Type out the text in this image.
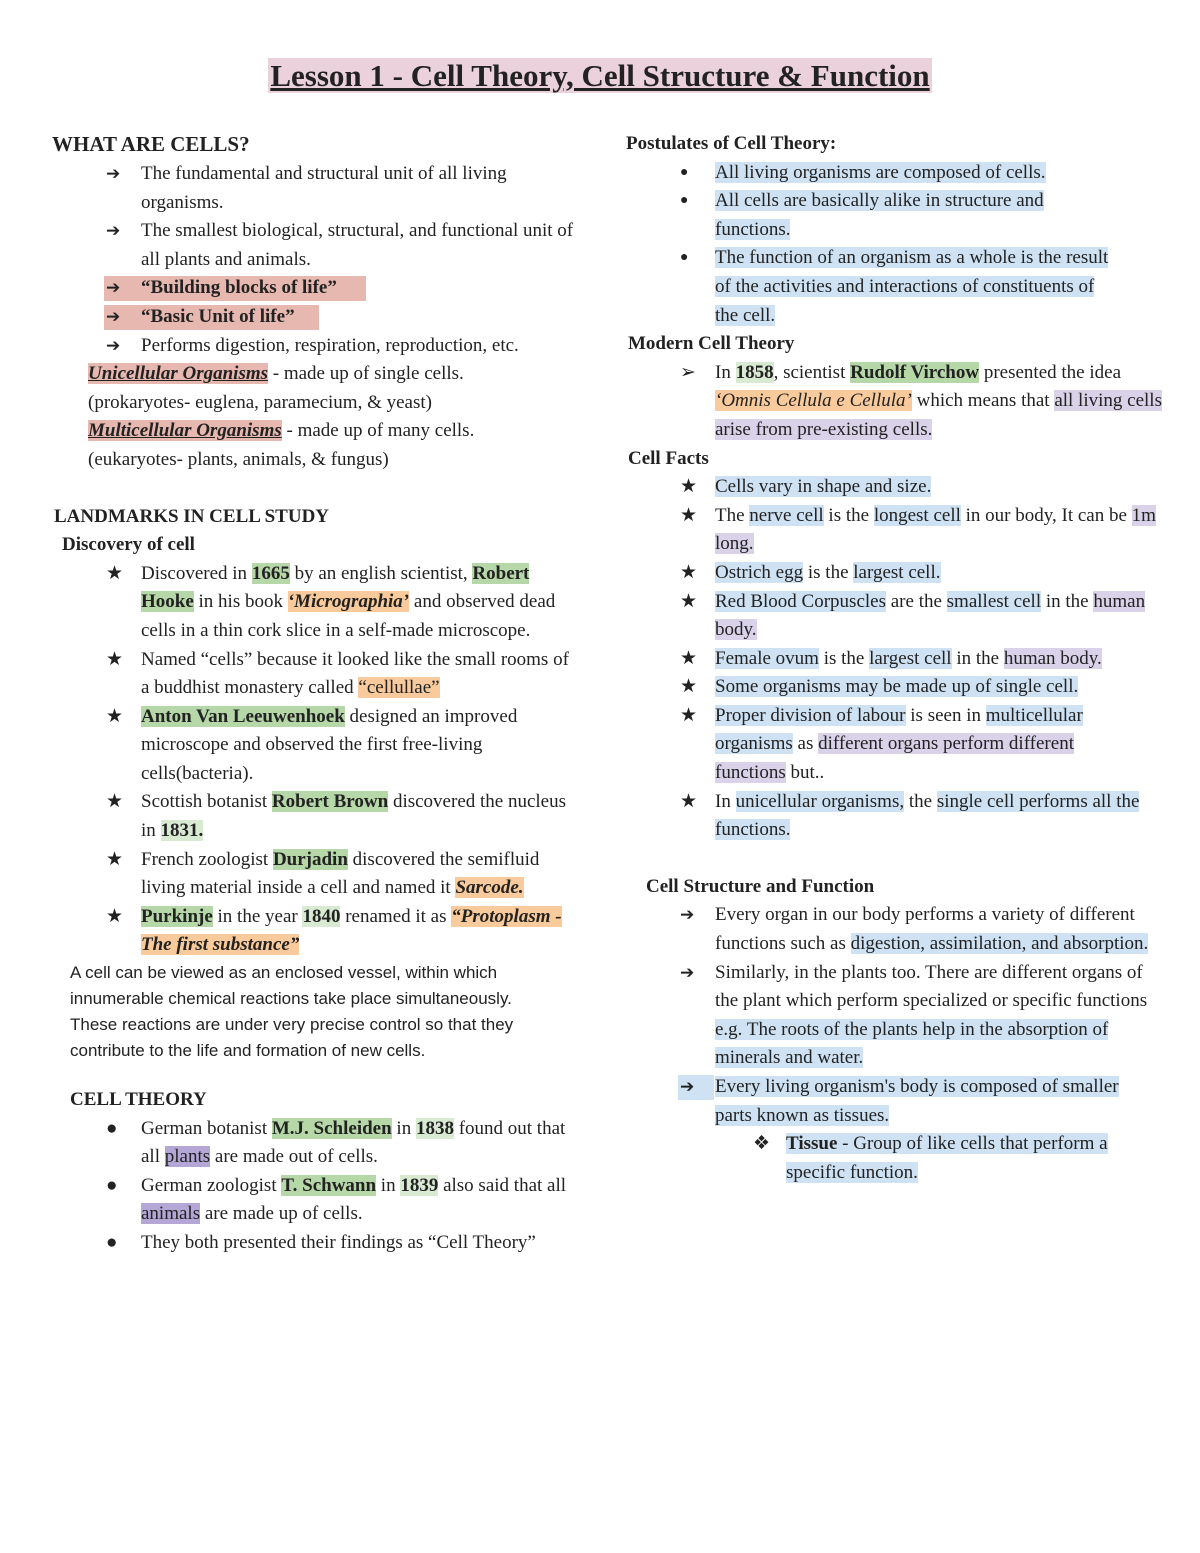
Lesson 1 - Cell Theory, Cell Structure & Function
WHAT ARE CELLS?
➔ The fundamental and structural unit of all living organisms.
➔ The smallest biological, structural, and functional unit of all plants and animals.
➔ “Building blocks of life”
➔ “Basic Unit of life”
➔ Performs digestion, respiration, reproduction, etc.
Unicellular Organisms - made up of single cells.
(prokaryotes- euglena, paramecium, & yeast)
Multicellular Organisms - made up of many cells.
(eukaryotes- plants, animals, & fungus)
LANDMARKS IN CELL STUDY
Discovery of cell
★ Discovered in 1665 by an english scientist, Robert Hooke in his book ‘Micrographia’ and observed dead cells in a thin cork slice in a self-made microscope.
★ Named “cells” because it looked like the small rooms of a buddhist monastery called “cellullae”
★ Anton Van Leeuwenhoek designed an improved microscope and observed the first free-living cells(bacteria).
★ Scottish botanist Robert Brown discovered the nucleus in 1831.
★ French zoologist Durjadin discovered the semifluid living material inside a cell and named it Sarcode.
★ Purkinje in the year 1840 renamed it as “Protoplasm - The first substance”
A cell can be viewed as an enclosed vessel, within which innumerable chemical reactions take place simultaneously. These reactions are under very precise control so that they contribute to the life and formation of new cells.
CELL THEORY
● German botanist M.J. Schleiden in 1838 found out that all plants are made out of cells.
● German zoologist T. Schwann in 1839 also said that all animals are made up of cells.
● They both presented their findings as “Cell Theory”
Postulates of Cell Theory:
● All living organisms are composed of cells.
● All cells are basically alike in structure and functions.
● The function of an organism as a whole is the result of the activities and interactions of constituents of the cell.
Modern Cell Theory
➢ In 1858, scientist Rudolf Virchow presented the idea ‘Omnis Cellula e Cellula’ which means that all living cells arise from pre-existing cells.
Cell Facts
★ Cells vary in shape and size.
★ The nerve cell is the longest cell in our body, It can be 1m long.
★ Ostrich egg is the largest cell.
★ Red Blood Corpuscles are the smallest cell in the human body.
★ Female ovum is the largest cell in the human body.
★ Some organisms may be made up of single cell.
★ Proper division of labour is seen in multicellular organisms as different organs perform different functions but..
★ In unicellular organisms, the single cell performs all the functions.
Cell Structure and Function
➔ Every organ in our body performs a variety of different functions such as digestion, assimilation, and absorption.
➔ Similarly, in the plants too. There are different organs of the plant which perform specialized or specific functions e.g. The roots of the plants help in the absorption of minerals and water.
➔ Every living organism's body is composed of smaller parts known as tissues.
❖ Tissue - Group of like cells that perform a specific function.
